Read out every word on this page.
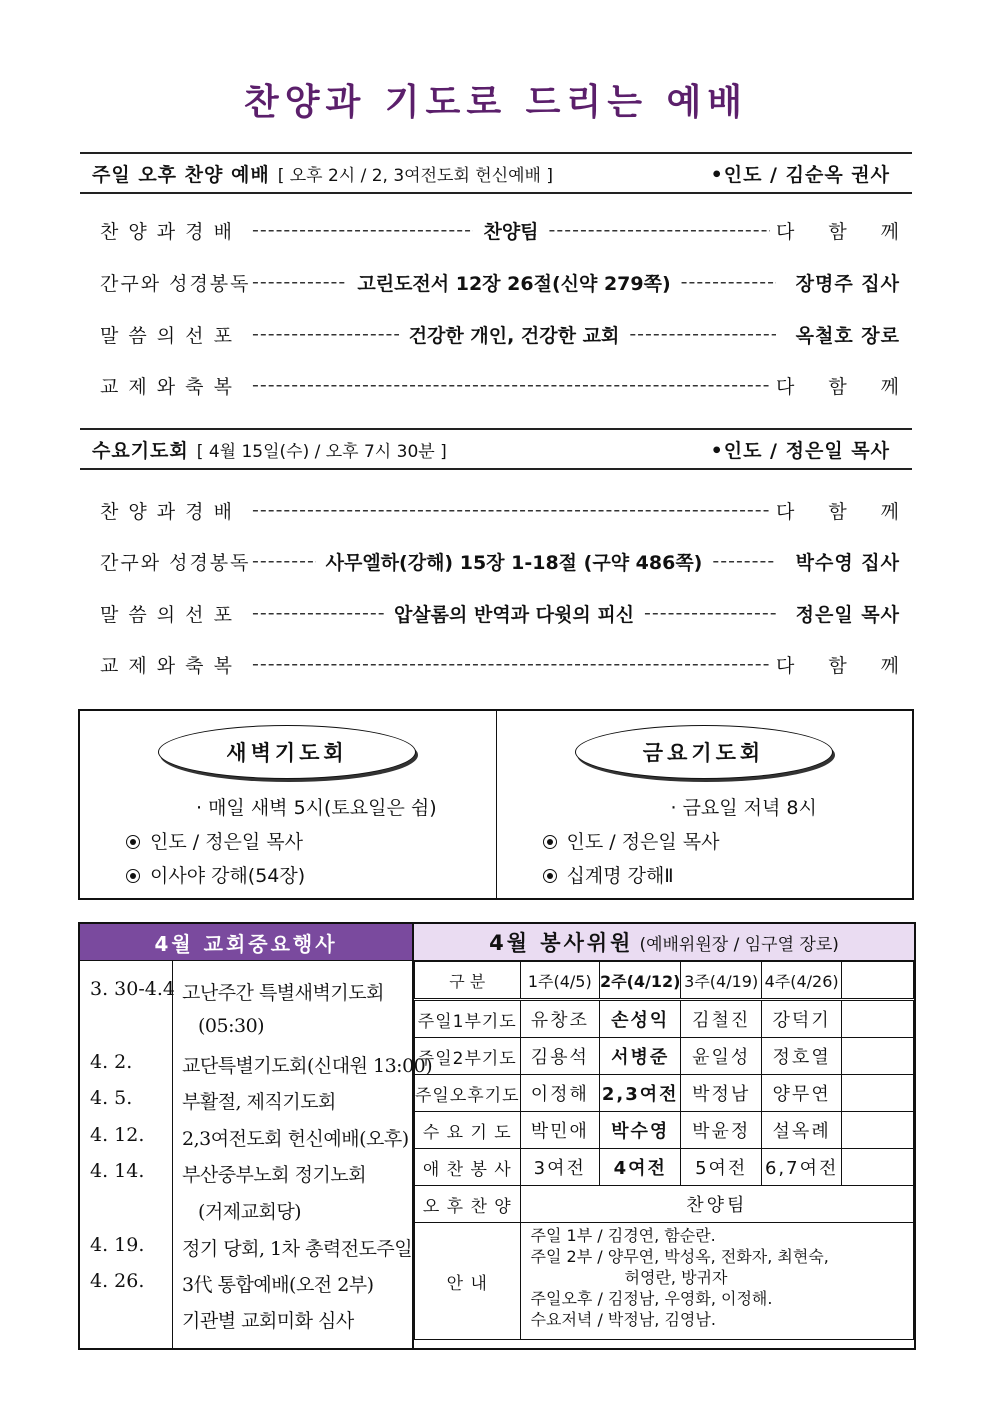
찬양과 기도로 드리는 예배
주일 오후 찬양 예배 [ 오후 2시 / 2, 3여전도회 헌신예배 ]	•인도 / 김순옥 권사
찬 양 과 경 배 -----	찬양팀 -----	다 함 께
간구와 성경봉독 -----	고린도전서 12장 26절(신약 279쪽) -----	장명주 집사
말 씀 의 선 포 -----	건강한 개인, 건강한 교회 -----	옥철호 장로
교 제 와 축 복 -----	다 함 께
수요기도회 [ 4월 15일(수) / 오후 7시 30분 ]	•인도 / 정은일 목사
찬 양 과 경 배 -----	다 함 께
간구와 성경봉독 -----	사무엘하(강해) 15장 1-18절 (구약 486쪽) -----	박수영 집사
말 씀 의 선 포 -----	압살롬의 반역과 다윗의 피신 -----	정은일 목사
교 제 와 축 복 -----	다 함 께
새벽기도회
· 매일 새벽 5시(토요일은 쉼)
인도 / 정은일 목사
이사야 강해(54장)
금요기도회
· 금요일 저녁 8시
인도 / 정은일 목사
십계명 강해Ⅱ
4월 교회중요행사
3. 30-4.4 고난주간 특별새벽기도회
(05:30)
4. 2.	교단특별기도회(신대원 13:00)
4. 5.	부활절, 제직기도회
4. 12. 2,3여전도회 헌신예배(오후)
4. 14. 부산중부노회 정기노회
(거제교회당)
4. 19. 정기 당회, 1차 총력전도주일
4. 26. 3代 통합예배(오전 2부)
기관별 교회미화 심사
4월 봉사위원 (예배위원장 / 임구열 장로)
구 분	1주(4/5)	2주(4/12)	3주(4/19)	4주(4/26)	
주일1부기도	유창조	손성익	김철진	강덕기	
주일2부기도	김용석	서병준	윤일성	정호열	
주일오후기도	이정해	2,3여전	박정남	양무연	
수 요 기 도	박민애	박수영	박윤정	설옥례	
애 찬 봉 사	3여전	4여전	5여전	6,7여전	
오 후 찬 양	찬양팀				
안 내	주일 1부 / 김경연, 함순란.
주일 2부 / 양무연, 박성옥, 전화자, 최현숙,
허영란, 방귀자
주일오후 / 김정남, 우영화, 이정해.
수요저녁 / 박정남, 김영남.				
